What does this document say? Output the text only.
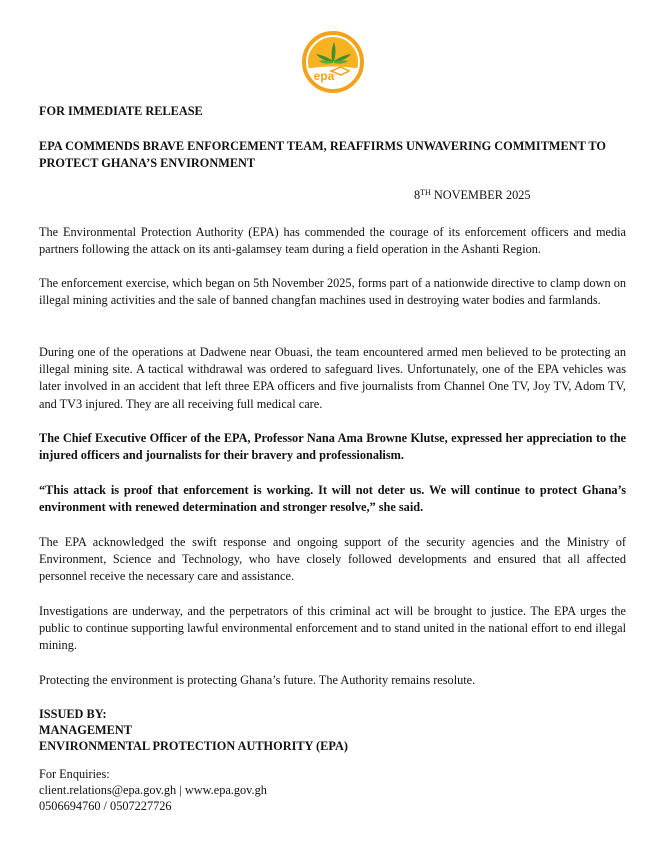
epa

FOR IMMEDIATE RELEASE

EPA COMMENDS BRAVE ENFORCEMENT TEAM, REAFFIRMS UNWAVERING COMMITMENT TO PROTECT GHANA’S ENVIRONMENT

8TH NOVEMBER 2025

The Environmental Protection Authority (EPA) has commended the courage of its enforcement officers and media partners following the attack on its anti-galamsey team during a field operation in the Ashanti Region.

The enforcement exercise, which began on 5th November 2025, forms part of a nationwide directive to clamp down on illegal mining activities and the sale of banned changfan machines used in destroying water bodies and farmlands.

During one of the operations at Dadwene near Obuasi, the team encountered armed men believed to be protecting an illegal mining site. A tactical withdrawal was ordered to safeguard lives. Unfortunately, one of the EPA vehicles was later involved in an accident that left three EPA officers and five journalists from Channel One TV, Joy TV, Adom TV, and TV3 injured. They are all receiving full medical care.

The Chief Executive Officer of the EPA, Professor Nana Ama Browne Klutse, expressed her appreciation to the injured officers and journalists for their bravery and professionalism.

“This attack is proof that enforcement is working. It will not deter us. We will continue to protect Ghana’s environment with renewed determination and stronger resolve,” she said.

The EPA acknowledged the swift response and ongoing support of the security agencies and the Ministry of Environment, Science and Technology, who have closely followed developments and ensured that all affected personnel receive the necessary care and assistance.

Investigations are underway, and the perpetrators of this criminal act will be brought to justice. The EPA urges the public to continue supporting lawful environmental enforcement and to stand united in the national effort to end illegal mining.

Protecting the environment is protecting Ghana’s future. The Authority remains resolute.

ISSUED BY:
MANAGEMENT
ENVIRONMENTAL PROTECTION AUTHORITY (EPA)

For Enquiries:
client.relations@epa.gov.gh | www.epa.gov.gh
0506694760 / 0507227726
